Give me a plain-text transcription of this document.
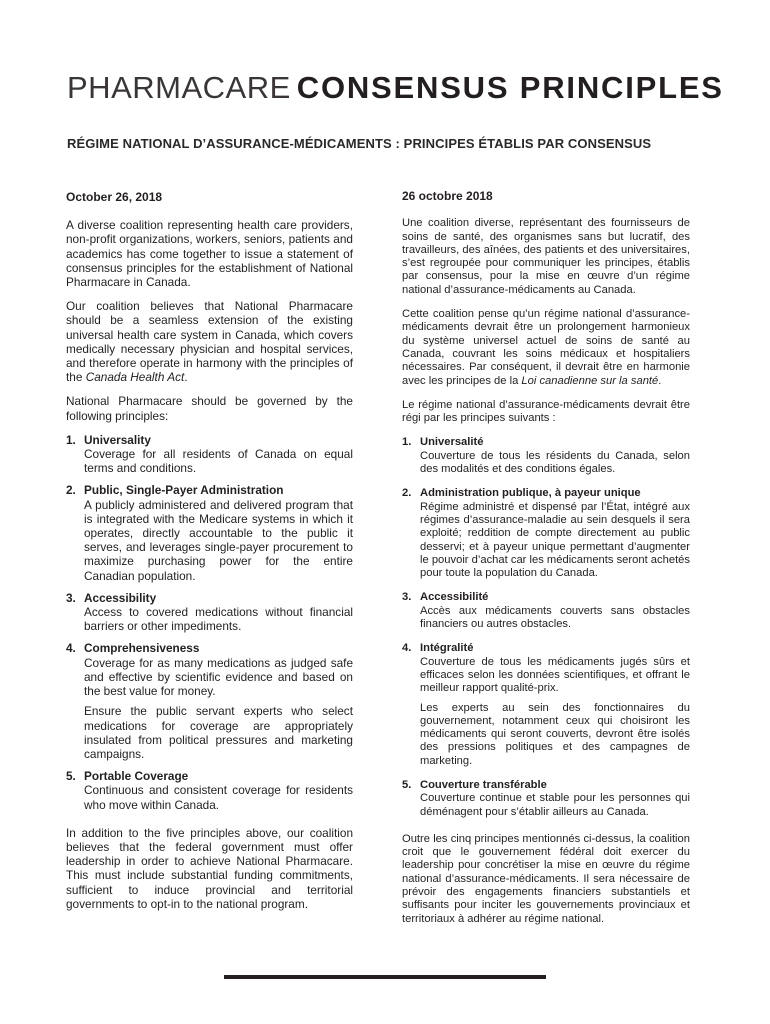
PHARMACARE CONSENSUS PRINCIPLES
RÉGIME NATIONAL D’ASSURANCE-MÉDICAMENTS : PRINCIPES ÉTABLIS PAR CONSENSUS
October 26, 2018

A diverse coalition representing health care providers, non-profit organizations, workers, seniors, patients and academics has come together to issue a statement of consensus principles for the establishment of National Pharmacare in Canada.

Our coalition believes that National Pharmacare should be a seamless extension of the existing universal health care system in Canada, which covers medically necessary physician and hospital services, and therefore operate in harmony with the principles of the Canada Health Act.

National Pharmacare should be governed by the following principles:

1. Universality
Coverage for all residents of Canada on equal terms and conditions.
2. Public, Single-Payer Administration
A publicly administered and delivered program that is integrated with the Medicare systems in which it operates, directly accountable to the public it serves, and leverages single-payer procurement to maximize purchasing power for the entire Canadian population.
3. Accessibility
Access to covered medications without financial barriers or other impediments.
4. Comprehensiveness
Coverage for as many medications as judged safe and effective by scientific evidence and based on the best value for money.
Ensure the public servant experts who select medications for coverage are appropriately insulated from political pressures and marketing campaigns.
5. Portable Coverage
Continuous and consistent coverage for residents who move within Canada.

In addition to the five principles above, our coalition believes that the federal government must offer leadership in order to achieve National Pharmacare. This must include substantial funding commitments, sufficient to induce provincial and territorial governments to opt-in to the national program.

26 octobre 2018

Une coalition diverse, représentant des fournisseurs de soins de santé, des organismes sans but lucratif, des travailleurs, des aînées, des patients et des universitaires, s’est regroupée pour communiquer les principes, établis par consensus, pour la mise en œuvre d’un régime national d’assurance-médicaments au Canada.

Cette coalition pense qu’un régime national d’assurance-médicaments devrait être un prolongement harmonieux du système universel actuel de soins de santé au Canada, couvrant les soins médicaux et hospitaliers nécessaires. Par conséquent, il devrait être en harmonie avec les principes de la Loi canadienne sur la santé.

Le régime national d’assurance-médicaments devrait être régi par les principes suivants :

1. Universalité
Couverture de tous les résidents du Canada, selon des modalités et des conditions égales.
2. Administration publique, à payeur unique
Régime administré et dispensé par l’État, intégré aux régimes d’assurance-maladie au sein desquels il sera exploité; reddition de compte directement au public desservi; et à payeur unique permettant d’augmenter le pouvoir d’achat car les médicaments seront achetés pour toute la population du Canada.
3. Accessibilité
Accès aux médicaments couverts sans obstacles financiers ou autres obstacles.
4. Intégralité
Couverture de tous les médicaments jugés sûrs et efficaces selon les données scientifiques, et offrant le meilleur rapport qualité-prix.
Les experts au sein des fonctionnaires du gouvernement, notamment ceux qui choisiront les médicaments qui seront couverts, devront être isolés des pressions politiques et des campagnes de marketing.
5. Couverture transférable
Couverture continue et stable pour les personnes qui déménagent pour s’établir ailleurs au Canada.

Outre les cinq principes mentionnés ci-dessus, la coalition croit que le gouvernement fédéral doit exercer du leadership pour concrétiser la mise en œuvre du régime national d’assurance-médicaments. Il sera nécessaire de prévoir des engagements financiers substantiels et suffisants pour inciter les gouvernements provinciaux et territoriaux à adhérer au régime national.
